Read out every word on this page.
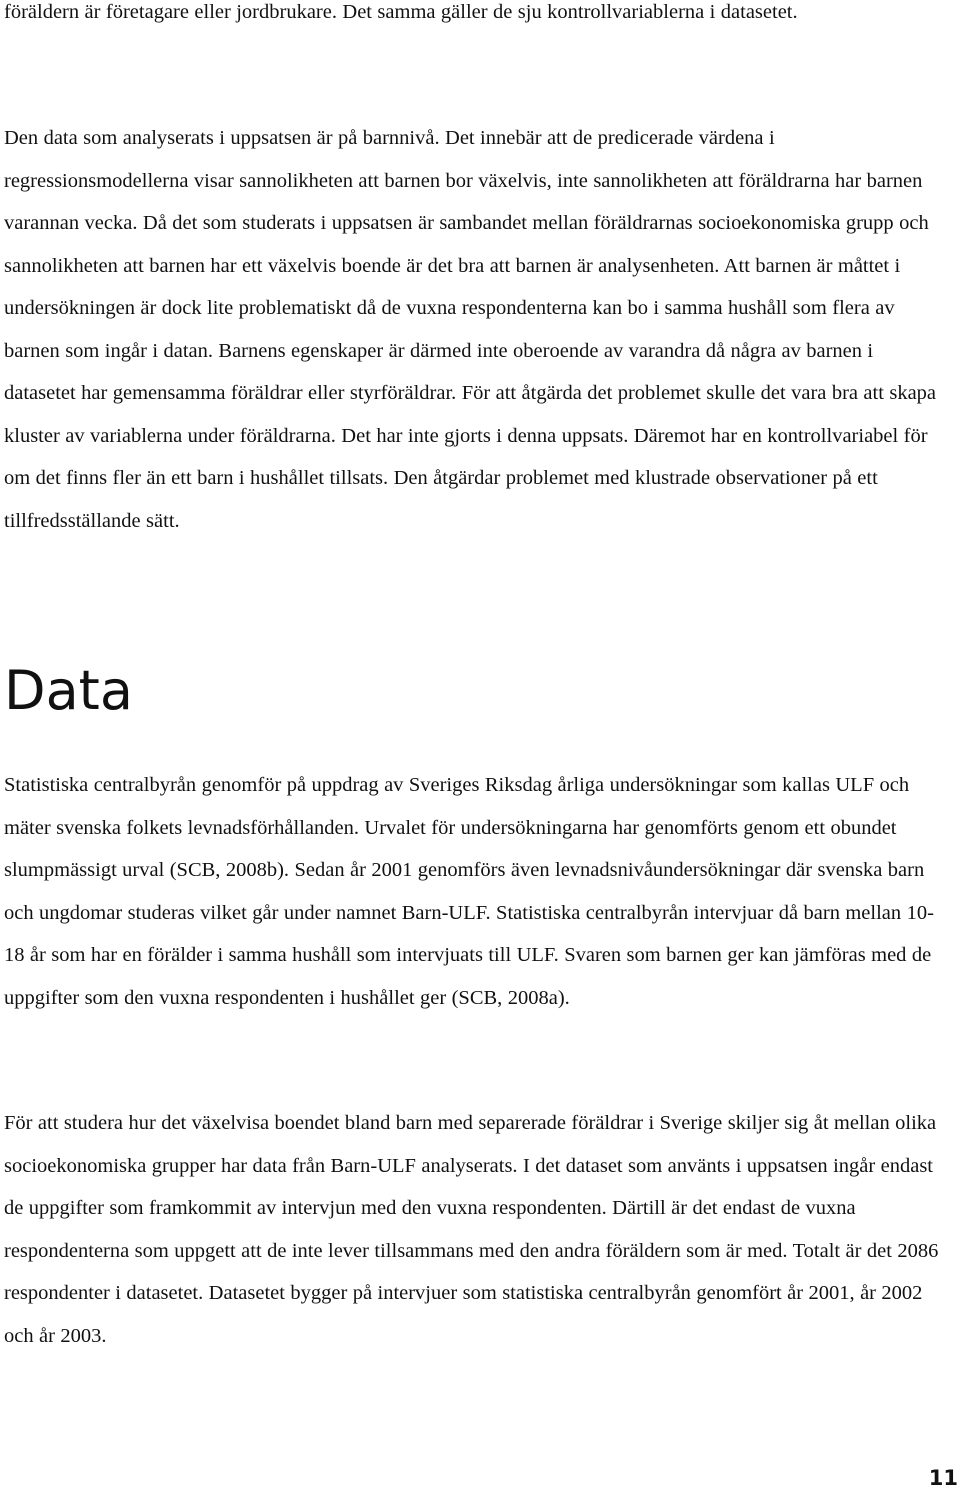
föräldern är företagare eller jordbrukare. Det samma gäller de sju kontrollvariablerna i datasetet.

Den data som analyserats i uppsatsen är på barnnivå. Det innebär att de predicerade värdena i regressionsmodellerna visar sannolikheten att barnen bor växelvis, inte sannolikheten att föräldrarna har barnen varannan vecka. Då det som studerats i uppsatsen är sambandet mellan föräldrarnas socioekonomiska grupp och sannolikheten att barnen har ett växelvis boende är det bra att barnen är analysenheten. Att barnen är måttet i undersökningen är dock lite problematiskt då de vuxna respondenterna kan bo i samma hushåll som flera av barnen som ingår i datan. Barnens egenskaper är därmed inte oberoende av varandra då några av barnen i datasetet har gemensamma föräldrar eller styrföräldrar. För att åtgärda det problemet skulle det vara bra att skapa kluster av variablerna under föräldrarna. Det har inte gjorts i denna uppsats. Däremot har en kontrollvariabel för om det finns fler än ett barn i hushållet tillsats. Den åtgärdar problemet med klustrade observationer på ett tillfredsställande sätt.

Data

Statistiska centralbyrån genomför på uppdrag av Sveriges Riksdag årliga undersökningar som kallas ULF och mäter svenska folkets levnadsförhållanden. Urvalet för undersökningarna har genomförts genom ett obundet slumpmässigt urval (SCB, 2008b). Sedan år 2001 genomförs även levnadsnivåundersökningar där svenska barn och ungdomar studeras vilket går under namnet Barn-ULF. Statistiska centralbyrån intervjuar då barn mellan 10-18 år som har en förälder i samma hushåll som intervjuats till ULF. Svaren som barnen ger kan jämföras med de uppgifter som den vuxna respondenten i hushållet ger (SCB, 2008a).

För att studera hur det växelvisa boendet bland barn med separerade föräldrar i Sverige skiljer sig åt mellan olika socioekonomiska grupper har data från Barn-ULF analyserats. I det dataset som använts i uppsatsen ingår endast de uppgifter som framkommit av intervjun med den vuxna respondenten. Därtill är det endast de vuxna respondenterna som uppgett att de inte lever tillsammans med den andra föräldern som är med. Totalt är det 2086 respondenter i datasetet. Datasetet bygger på intervjuer som statistiska centralbyrån genomfört år 2001, år 2002 och år 2003.

11
